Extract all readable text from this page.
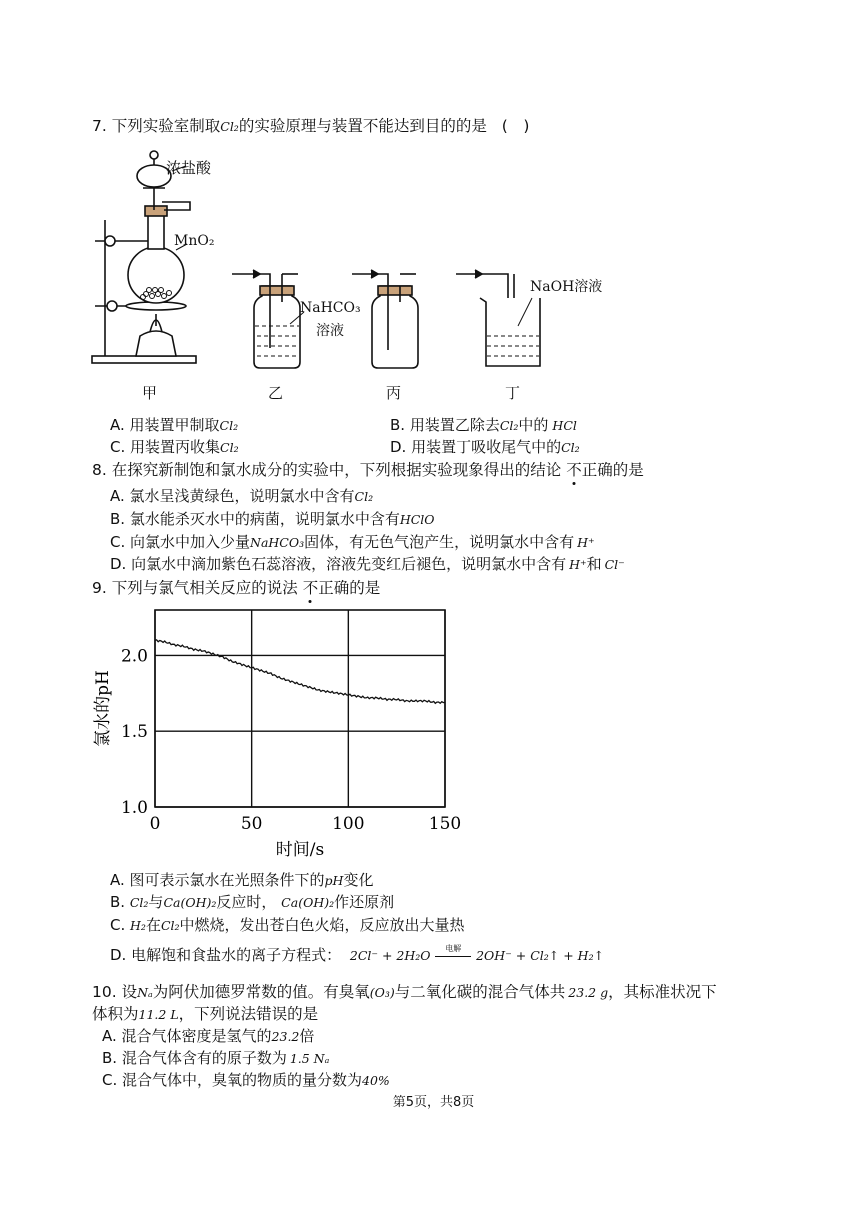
7. 下列实验室制取Cl₂的实验原理与装置不能达到目的的是 (　)
浓盐酸
MnO₂
NaHCO₃
溶液
NaOH溶液
甲	乙	丙	丁
A. 用装置甲制取Cl₂	B. 用装置乙除去Cl₂中的 HCl
C. 用装置丙收集Cl₂	D. 用装置丁吸收尾气中的Cl₂
8. 在探究新制饱和氯水成分的实验中，下列根据实验现象得出的结论 不正确的是
A. 氯水呈浅黄绿色，说明氯水中含有Cl₂
B. 氯水能杀灭水中的病菌，说明氯水中含有HClO
C. 向氯水中加入少量NaHCO₃固体，有无色气泡产生，说明氯水中含有 H⁺
D. 向氯水中滴加紫色石蕊溶液，溶液先变红后褪色，说明氯水中含有 H⁺和 Cl⁻
9. 下列与氯气相关反应的说法 不正确的是
0	50	100	150
1.0
1.5
2.0
时间/s
氯水的pH
A. 图可表示氯水在光照条件下的pH变化
B. Cl₂与Ca(OH)₂反应时， Ca(OH)₂作还原剂
C. H₂在Cl₂中燃烧，发出苍白色火焰，反应放出大量热
D. 电解饱和食盐水的离子方程式： 2Cl⁻ + 2H₂O	电解	2OH⁻ + Cl₂↑ + H₂↑
10. 设Nₐ为阿伏加德罗常数的值。有臭氧(O₃)与二氧化碳的混合气体共 23.2 g，其标准状况下
体积为11.2 L，下列说法错误的是
A. 混合气体密度是氢气的23.2倍
B. 混合气体含有的原子数为 1.5 Nₐ
C. 混合气体中，臭氧的物质的量分数为40%
第5页，共8页
